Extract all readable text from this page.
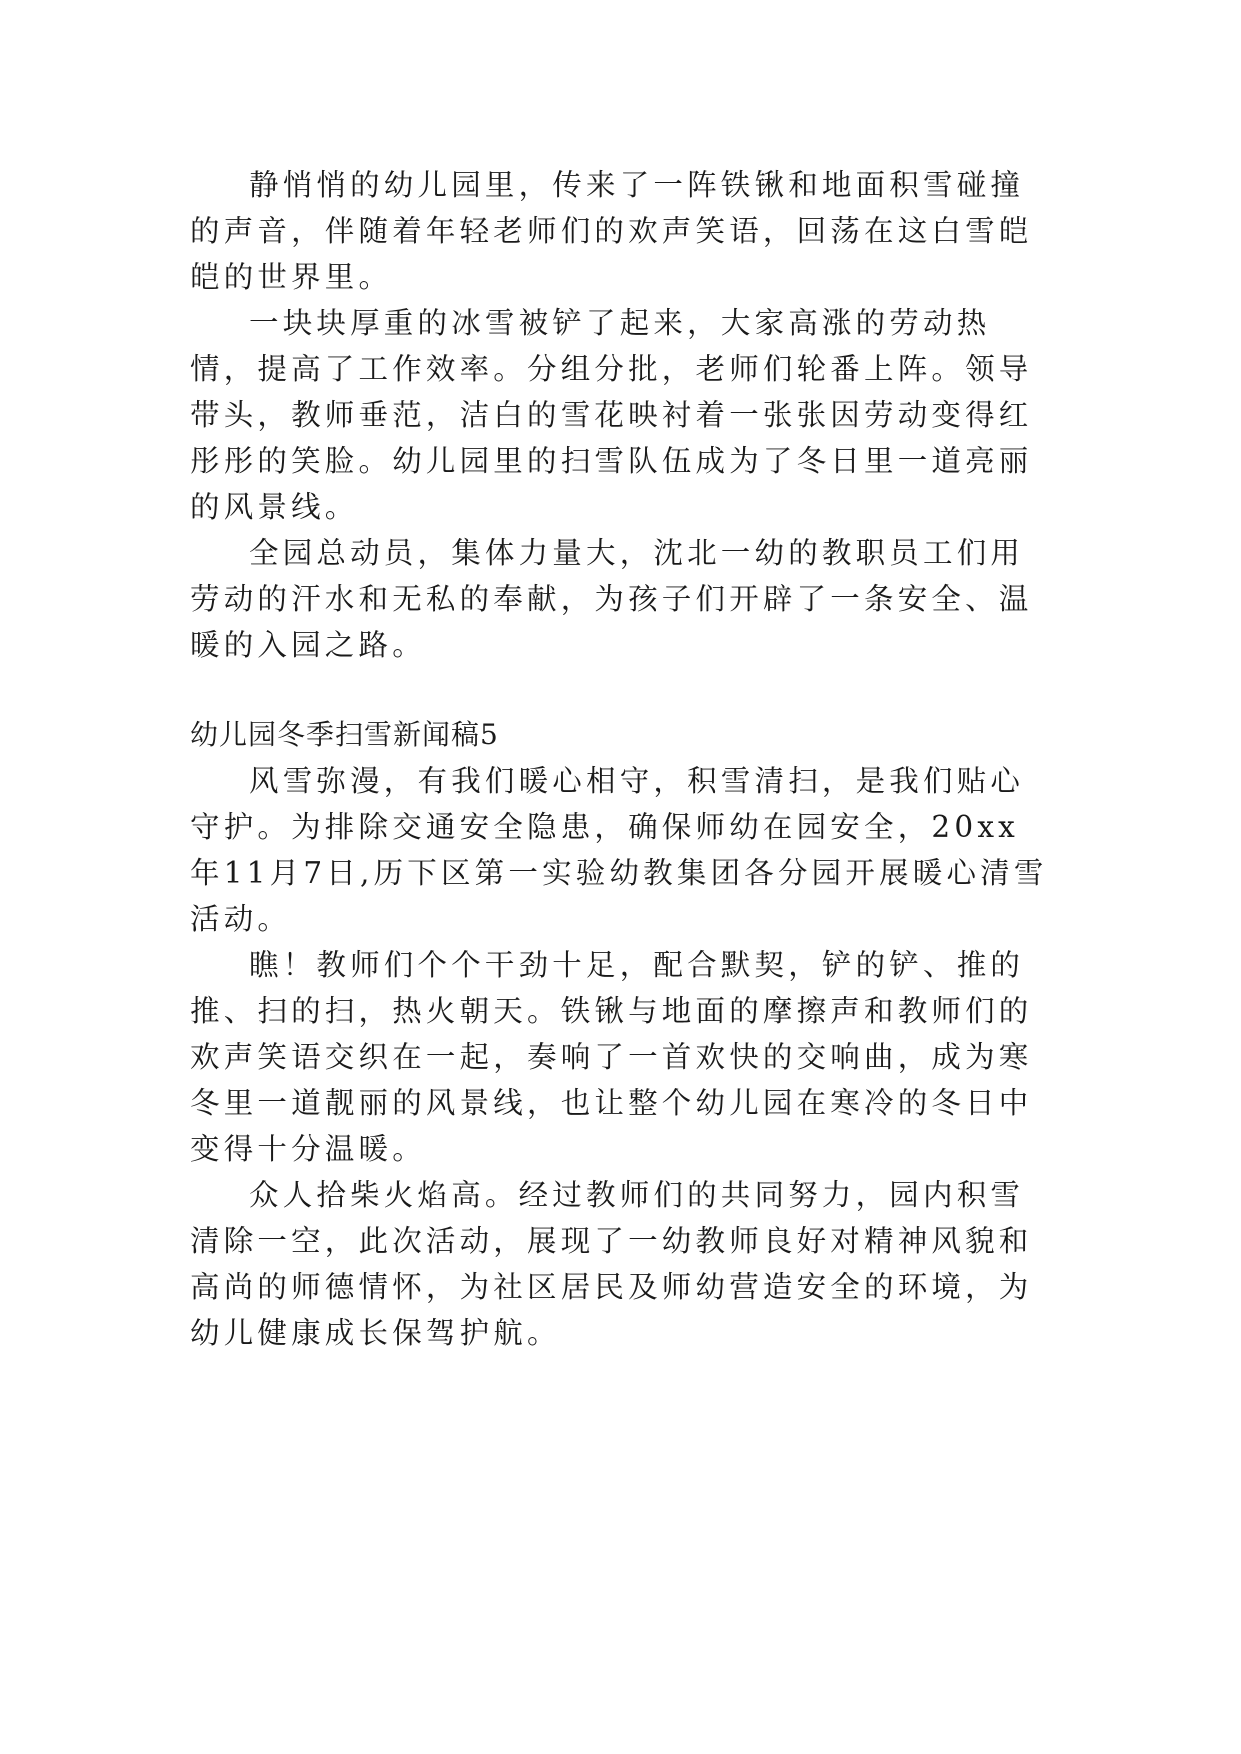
静悄悄的幼儿园里，传来了一阵铁锹和地面积雪碰撞的声音，伴随着年轻老师们的欢声笑语，回荡在这白雪皑皑的世界里。

一块块厚重的冰雪被铲了起来，大家高涨的劳动热情，提高了工作效率。分组分批，老师们轮番上阵。领导带头，教师垂范，洁白的雪花映衬着一张张因劳动变得红彤彤的笑脸。幼儿园里的扫雪队伍成为了冬日里一道亮丽的风景线。

全园总动员，集体力量大，沈北一幼的教职员工们用劳动的汗水和无私的奉献，为孩子们开辟了一条安全、温暖的入园之路。

幼儿园冬季扫雪新闻稿5

风雪弥漫，有我们暖心相守，积雪清扫，是我们贴心守护。为排除交通安全隐患，确保师幼在园安全，20xx年11月7日,历下区第一实验幼教集团各分园开展暖心清雪活动。

瞧！教师们个个干劲十足，配合默契，铲的铲、推的推、扫的扫，热火朝天。铁锹与地面的摩擦声和教师们的欢声笑语交织在一起，奏响了一首欢快的交响曲，成为寒冬里一道靓丽的风景线，也让整个幼儿园在寒冷的冬日中变得十分温暖。

众人拾柴火焰高。经过教师们的共同努力，园内积雪清除一空，此次活动，展现了一幼教师良好对精神风貌和高尚的师德情怀，为社区居民及师幼营造安全的环境，为幼儿健康成长保驾护航。
